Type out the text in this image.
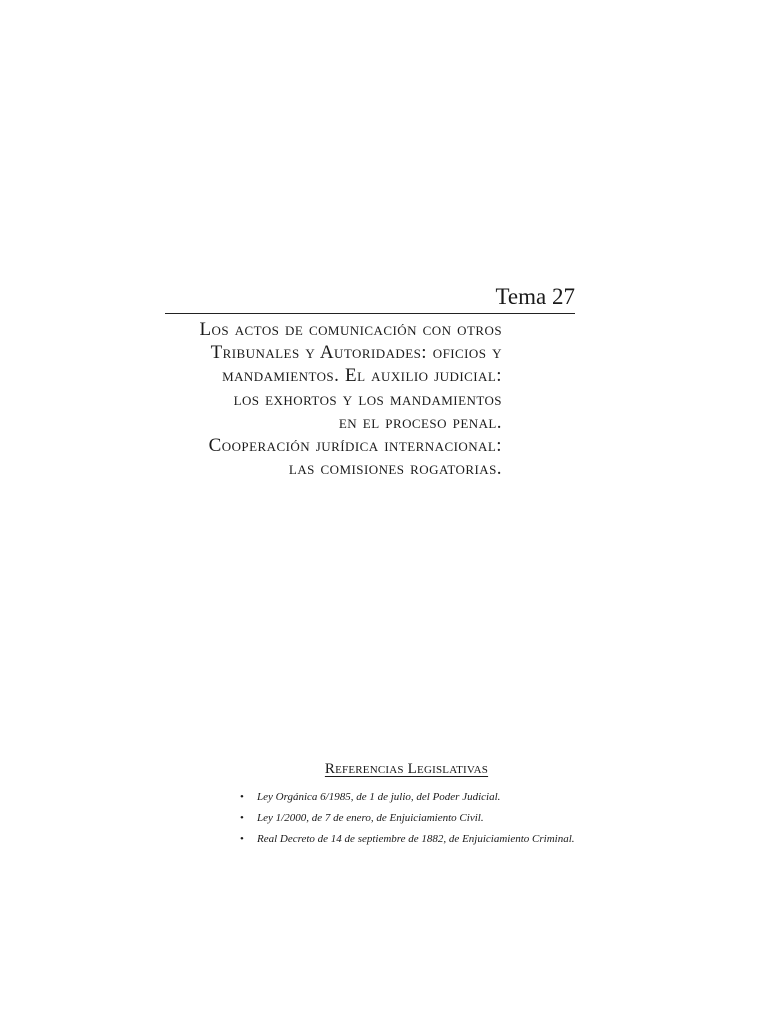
Tema 27
Los actos de comunicación con otros
Tribunales y Autoridades: oficios y
mandamientos. El auxilio judicial:
los exhortos y los mandamientos
en el proceso penal.
Cooperación jurídica internacional:
las comisiones rogatorias.
Referencias Legislativas
• Ley Orgánica 6/1985, de 1 de julio, del Poder Judicial.
• Ley 1/2000, de 7 de enero, de Enjuiciamiento Civil.
• Real Decreto de 14 de septiembre de 1882, de Enjuiciamiento Criminal.
